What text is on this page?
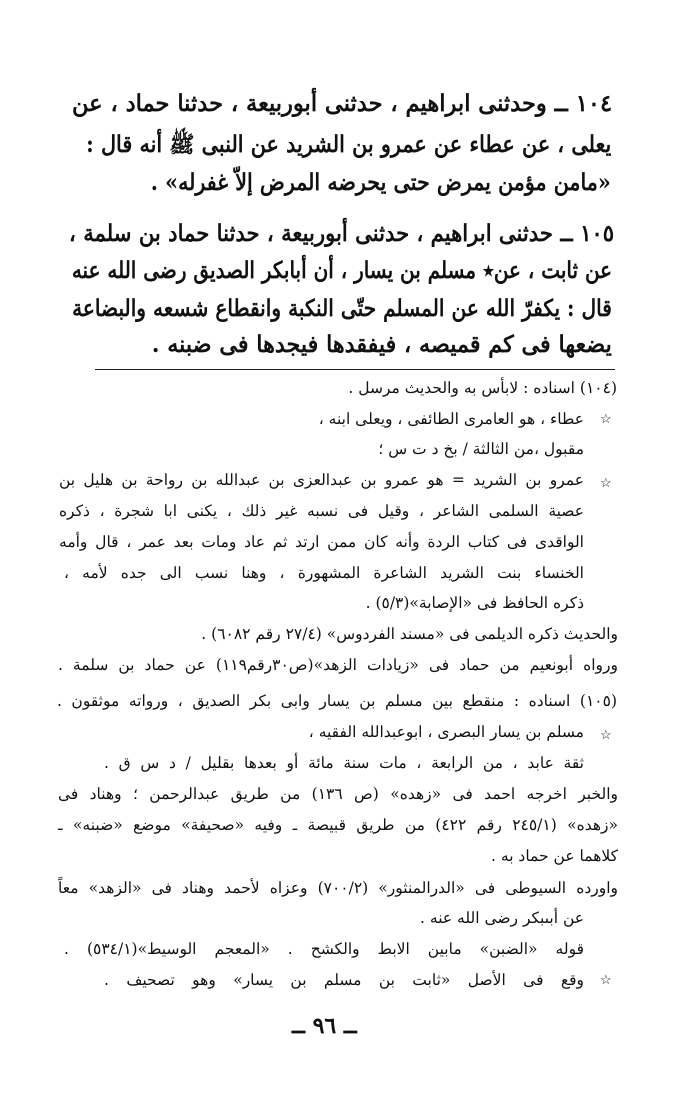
١٠٤ ــ وحدثنى ابراهيم ، حدثنى أبوربيعة ، حدثنا حماد ، عن
يعلى ، عن عطاء عن عمرو بن الشريد عن النبى ﷺ أنه قال :
«مامن مؤمن يمرض حتى يحرضه المرض إلاّ غفرله» .
١٠٥ ــ حدثنى ابراهيم ، حدثنى أبوربيعة ، حدثنا حماد بن سلمة ،
عن ثابت ، عن٭ مسلم بن يسار ، أن أبابكر الصديق رضى الله عنه
قال : يكفرّ الله عن المسلم حتّى النكبة وانقطاع شسعه والبضاعة
يضعها فى كم قميصه ، فيفقدها فيجدها فى ضبنه .
(١٠٤) اسناده : لابأس به والحديث مرسل .
☆
عطاء ، هو العامرى الطائفى ، ويعلى ابنه ،
مقبول ،من الثالثة / بخ د ت س ؛
☆
عمرو بن الشريد = هو عمرو بن عبدالعزى بن عبدالله بن رواحة بن هليل بن
عصية السلمى الشاعر ، وقيل فى نسبه غير ذلك ، يكنى ابا شجرة ، ذكره
الواقدى فى كتاب الردة وأنه كان ممن ارتد ثم عاد ومات بعد عمر ، قال وأمه
الخنساء بنت الشريد الشاعرة المشهورة ، وهنا نسب الى جده لأمه ،
ذكره الحافظ فى «الإصابة»(٥/٣) .
والحديث ذكره الديلمى فى «مسند الفردوس» (٢٧/٤ رقم ٦٠٨٢) .
ورواه أبونعيم من حماد فى «زيادات الزهد»(ص٣٠رقم١١٩) عن حماد بن سلمة .
(١٠٥) اسناده : منقطع بين مسلم بن يسار وابى بكر الصديق ، ورواته موثقون .
☆
مسلم بن يسار البصرى ، ابوعبدالله الفقيه ،
ثقة عابد ، من الرابعة ، مات سنة مائة أو بعدها بقليل / د س ق .
والخبر اخرجه احمد فى «زهده» (ص ١٣٦) من طريق عبدالرحمن ؛ وهناد فى
«زهده» (٢٤٥/١ رقم ٤٢٢) من طريق قبيصة ـ وفيه «صحيفة» موضع «ضبنه» ـ
كلاهما عن حماد به .
واورده السيوطى فى «الدرالمنثور» (٧٠٠/٢) وعزاه لأحمد وهناد فى «الزهد» معاً
عن أبىبكر رضى الله عنه .
قوله «الضبن» مابين الابط والكشح . «المعجم الوسيط»(٥٣٤/١) .
☆
وقع فى الأصل «ثابت بن مسلم بن يسار» وهو تصحيف .
ــ ٩٦ ــ
